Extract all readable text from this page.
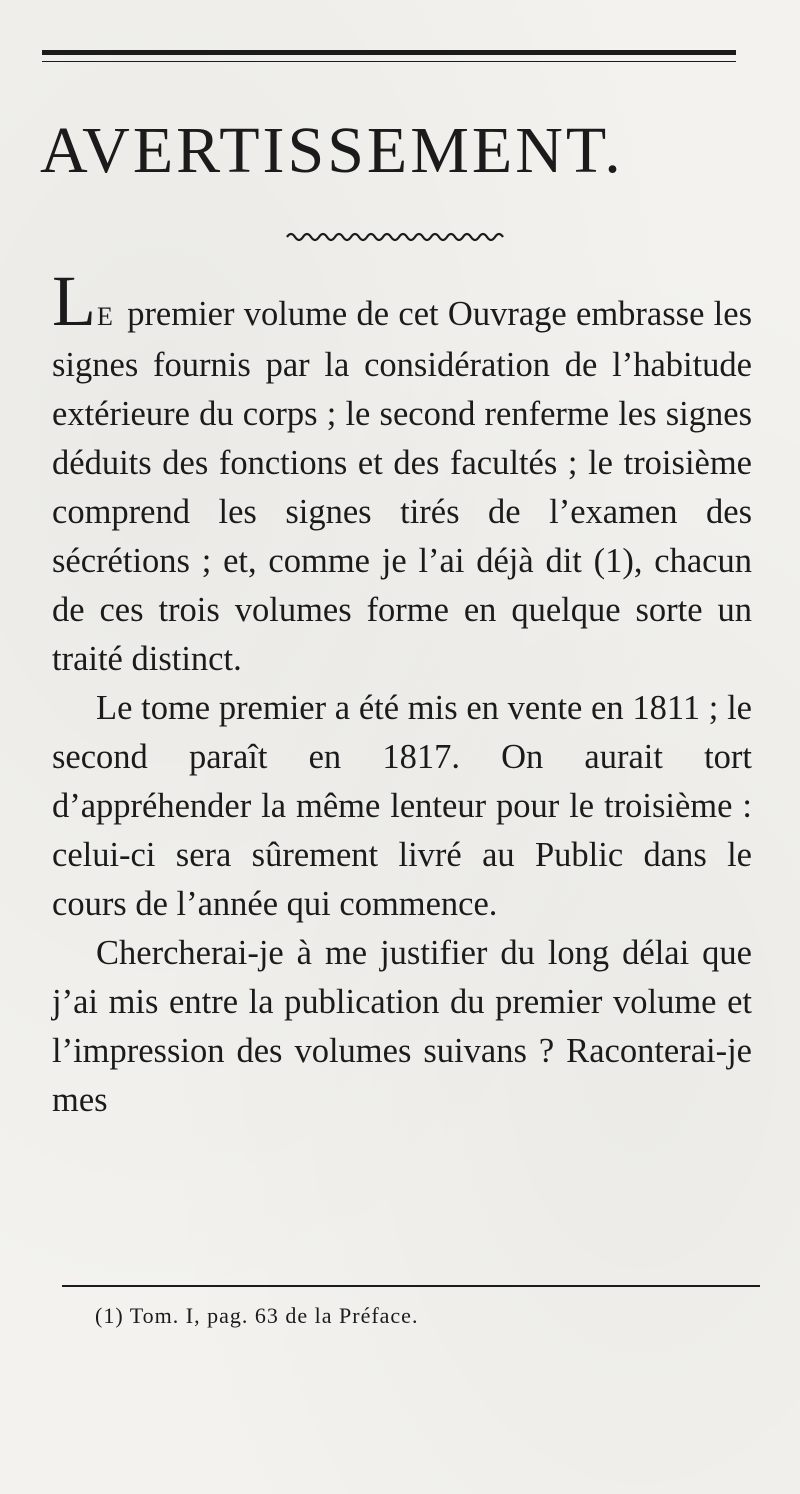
AVERTISSEMENT.

LE premier volume de cet Ouvrage embrasse les signes fournis par la considération de l’habitude extérieure du corps ; le second renferme les signes déduits des fonctions et des facultés ; le troisième comprend les signes tirés de l’examen des sécrétions ; et, comme je l’ai déjà dit (1), chacun de ces trois volumes forme en quelque sorte un traité distinct.

Le tome premier a été mis en vente en 1811 ; le second paraît en 1817. On aurait tort d’appréhender la même lenteur pour le troisième : celui-ci sera sûrement livré au Public dans le cours de l’année qui commence.

Chercherai-je à me justifier du long délai que j’ai mis entre la publication du premier volume et l’impression des volumes suivans ? Raconterai-je mes

(1) Tom. I, pag. 63 de la Préface.
